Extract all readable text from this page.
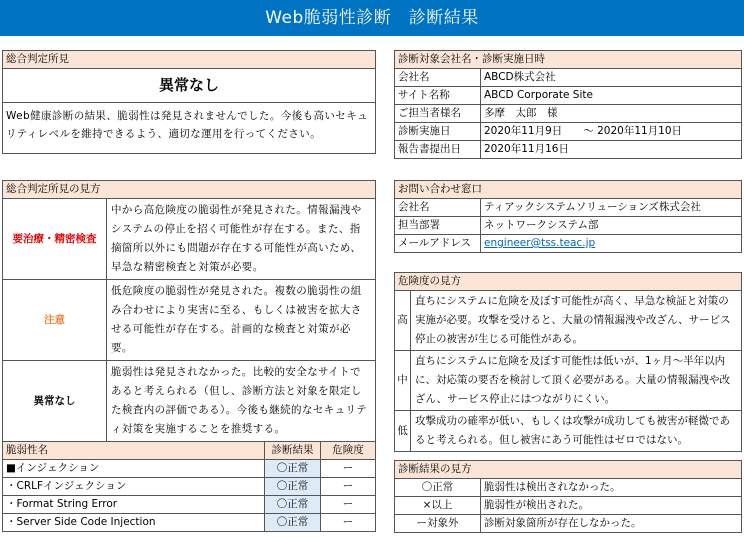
Web脆弱性診断　診断結果
総合判定所見
異常なし
Web健康診断の結果、脆弱性は発見されませんでした。今後も高いセキュリティレベルを維持できるよう、適切な運用を行ってください。
診断対象会社名・診断実施日時	
会社名	ABCD株式会社
サイト名称	ABCD Corporate Site
ご担当者様名	多摩　太郎　様
診断実施日	2020年11月9日　　～ 2020年11月10日
報告書提出日	2020年11月16日
総合判定所見の見方	
要治療・精密検査	中から高危険度の脆弱性が発見された。情報漏洩やシステムの停止を招く可能性が存在する。また、指摘箇所以外にも問題が存在する可能性が高いため、早急な精密検査と対策が必要。
注意	低危険度の脆弱性が発見された。複数の脆弱性の組み合わせにより実害に至る、もしくは被害を拡大させる可能性が存在する。計画的な検査と対策が必要。
異常なし	脆弱性は発見されなかった。比較的安全なサイトであると考えられる（但し、診断方法と対象を限定した検査内の評価である）。今後も継続的なセキュリティ対策を実施することを推奨する。
お問い合わせ窓口	
会社名	ティアックシステムソリューションズ株式会社
担当部署	ネットワークシステム部
メールアドレス	engineer@tss.teac.jp
危険度の見方	
高	直ちにシステムに危険を及ぼす可能性が高く、早急な検証と対策の実施が必要。攻撃を受けると、大量の情報漏洩や改ざん、サービス停止の被害が生じる可能性がある。
中	直ちにシステムに危険を及ぼす可能性は低いが、1ヶ月～半年以内に、対応策の要否を検討して頂く必要がある。大量の情報漏洩や改ざん、サービス停止にはつながりにくい。
低	攻撃成功の確率が低い、もしくは攻撃が成功しても被害が軽微であると考えられる。但し被害にあう可能性はゼロではない。
脆弱性名	診断結果	危険度
■インジェクション	〇正常	ー
・CRLFインジェクション	〇正常	ー
・Format String Error	〇正常	ー
・Server Side Code Injection	〇正常	ー
診断結果の見方	
〇正常	脆弱性は検出されなかった。
×以上	脆弱性が検出された。
ー対象外	診断対象箇所が存在しなかった。
